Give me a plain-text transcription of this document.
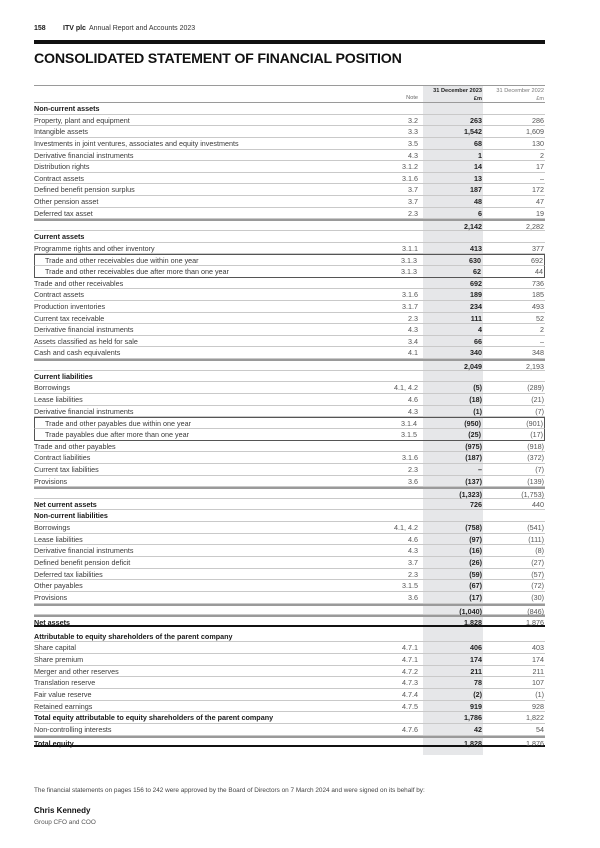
158 ITV plc Annual Report and Accounts 2023
CONSOLIDATED STATEMENT OF FINANCIAL POSITION
Note
31 December 2023
£m
31 December 2022
£m
Non-current assets
Property, plant and equipment	3.2	263	286
Intangible assets	3.3	1,542	1,609
Investments in joint ventures, associates and equity investments	3.5	68	130
Derivative financial instruments	4.3	1	2
Distribution rights	3.1.2	14	17
Contract assets	3.1.6	13	–
Defined benefit pension surplus	3.7	187	172
Other pension asset	3.7	48	47
Deferred tax asset	2.3	6	19
2,142	2,282
Current assets
Programme rights and other inventory	3.1.1	413	377
Trade and other receivables due within one year	3.1.3	630	692
Trade and other receivables due after more than one year	3.1.3	62	44
Trade and other receivables	692	736
Contract assets	3.1.6	189	185
Production inventories	3.1.7	234	493
Current tax receivable	2.3	111	52
Derivative financial instruments	4.3	4	2
Assets classified as held for sale	3.4	66	–
Cash and cash equivalents	4.1	340	348
2,049	2,193
Current liabilities
Borrowings	4.1, 4.2	(5)	(289)
Lease liabilities	4.6	(18)	(21)
Derivative financial instruments	4.3	(1)	(7)
Trade and other payables due within one year	3.1.4	(950)	(901)
Trade payables due after more than one year	3.1.5	(25)	(17)
Trade and other payables	(975)	(918)
Contract liabilities	3.1.6	(187)	(372)
Current tax liabilities	2.3	–	(7)
Provisions	3.6	(137)	(139)
(1,323)	(1,753)
Net current assets	726	440
Non-current liabilities
Borrowings	4.1, 4.2	(758)	(541)
Lease liabilities	4.6	(97)	(111)
Derivative financial instruments	4.3	(16)	(8)
Defined benefit pension deficit	3.7	(26)	(27)
Deferred tax liabilities	2.3	(59)	(57)
Other payables	3.1.5	(67)	(72)
Provisions	3.6	(17)	(30)
(1,040)	(846)
Net assets	1,828	1,876
Attributable to equity shareholders of the parent company
Share capital	4.7.1	406	403
Share premium	4.7.1	174	174
Merger and other reserves	4.7.2	211	211
Translation reserve	4.7.3	78	107
Fair value reserve	4.7.4	(2)	(1)
Retained earnings	4.7.5	919	928
Total equity attributable to equity shareholders of the parent company	1,786	1,822
Non-controlling interests	4.7.6	42	54
Total equity	1,828	1,876

The financial statements on pages 156 to 242 were approved by the Board of Directors on 7 March 2024 and were signed on its behalf by:

Chris Kennedy
Group CFO and COO
